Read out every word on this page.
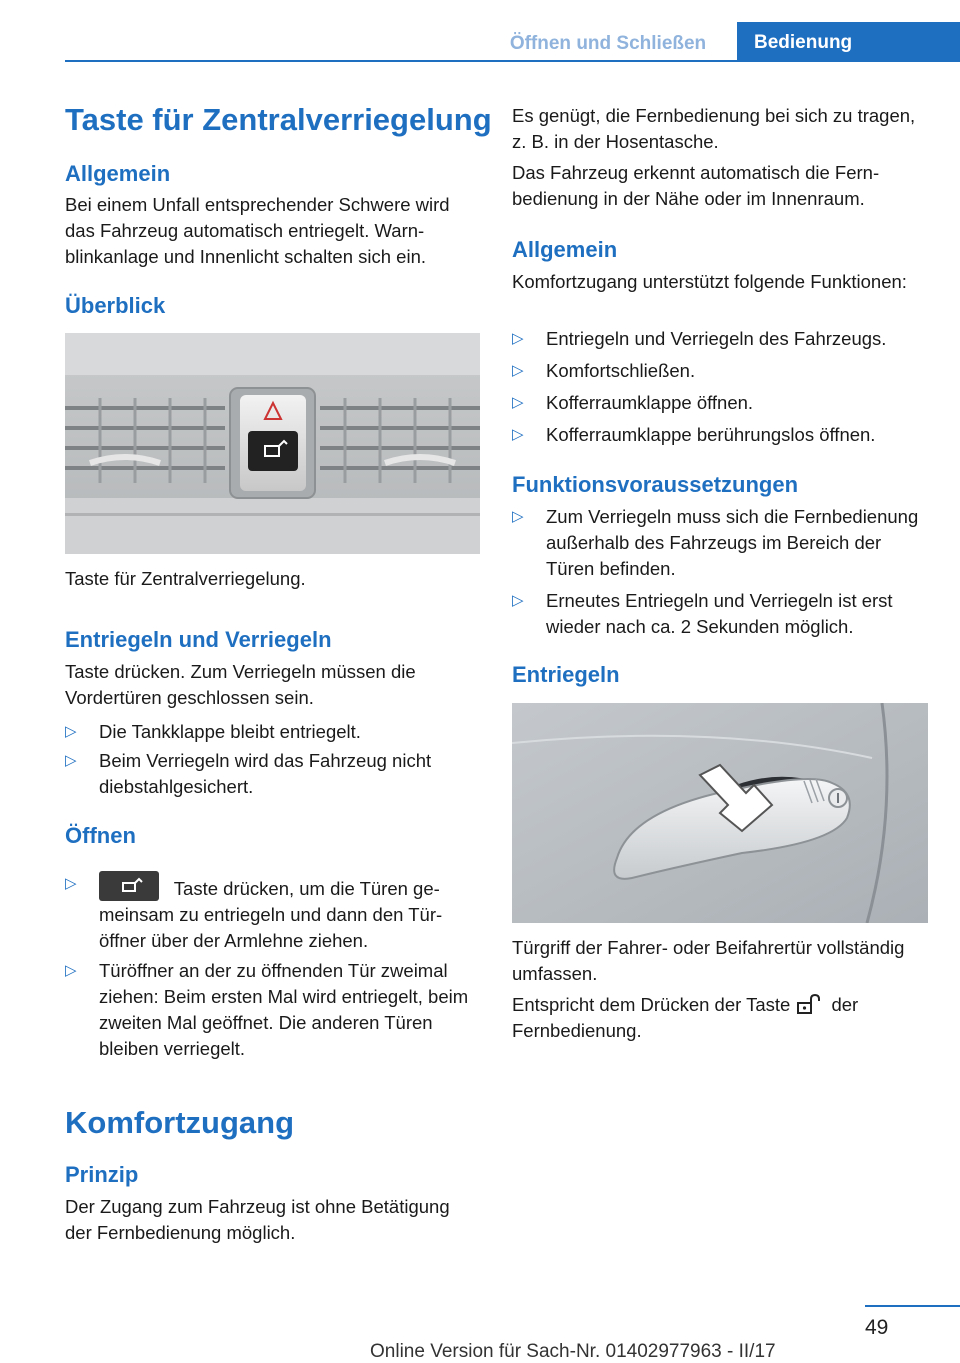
Öffnen und Schließen	Bedienung
Taste für Zentralverriegelung
Allgemein
Bei einem Unfall entsprechender Schwere wird das Fahrzeug automatisch entriegelt. Warnblinkanlage und Innenlicht schalten sich ein.
Überblick
Taste für Zentralverriegelung.
Entriegeln und Verriegeln
Taste drücken. Zum Verriegeln müssen die Vordertüren geschlossen sein.
▷ Die Tankklappe bleibt entriegelt.
▷ Beim Verriegeln wird das Fahrzeug nicht diebstahlgesichert.
Öffnen
▷	Taste drücken, um die Türen gemeinsam zu entriegeln und dann den Türöffner über der Armlehne ziehen.
▷ Türöffner an der zu öffnenden Tür zweimal ziehen: Beim ersten Mal wird entriegelt, beim zweiten Mal geöffnet. Die anderen Türen bleiben verriegelt.
Komfortzugang
Prinzip
Der Zugang zum Fahrzeug ist ohne Betätigung der Fernbedienung möglich.
Es genügt, die Fernbedienung bei sich zu tragen, z. B. in der Hosentasche.
Das Fahrzeug erkennt automatisch die Fernbedienung in der Nähe oder im Innenraum.
Allgemein
Komfortzugang unterstützt folgende Funktionen:
▷ Entriegeln und Verriegeln des Fahrzeugs.
▷ Komfortschließen.
▷ Kofferraumklappe öffnen.
▷ Kofferraumklappe berührungslos öffnen.
Funktionsvoraussetzungen
▷ Zum Verriegeln muss sich die Fernbedienung außerhalb des Fahrzeugs im Bereich der Türen befinden.
▷ Erneutes Entriegeln und Verriegeln ist erst wieder nach ca. 2 Sekunden möglich.
Entriegeln
Türgriff der Fahrer- oder Beifahrertür vollständig umfassen.
Entspricht dem Drücken der Taste
der Fernbedienung.
49
Online Version für Sach-Nr. 01402977963 - II/17
